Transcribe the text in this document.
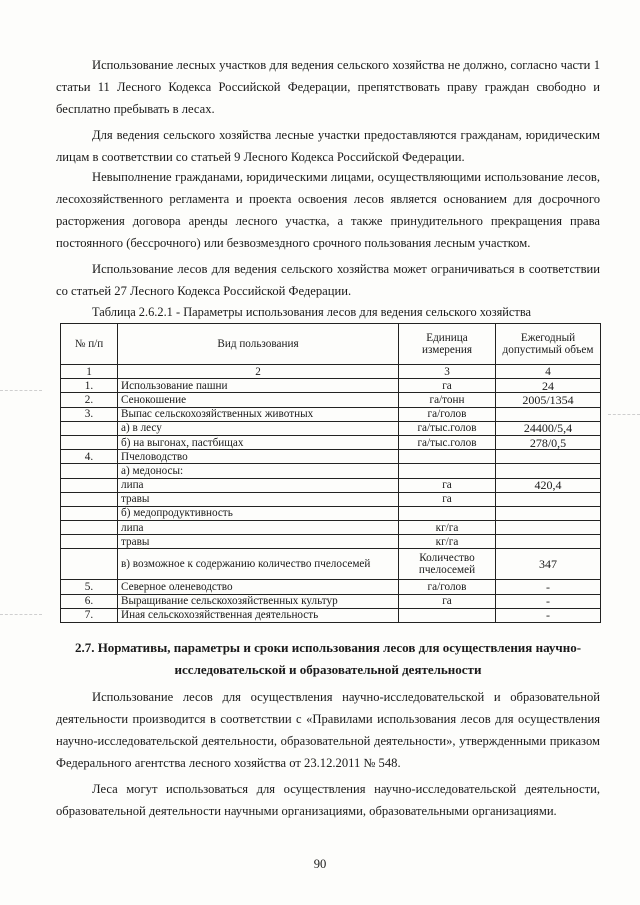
Использование лесных участков для ведения сельского хозяйства не должно, согласно части 1 статьи 11 Лесного Кодекса Российской Федерации, препятствовать праву граждан свободно и бесплатно пребывать в лесах.

Для ведения сельского хозяйства лесные участки предоставляются гражданам, юридическим лицам в соответствии со статьей 9 Лесного Кодекса Российской Федерации.

Невыполнение гражданами, юридическими лицами, осуществляющими использование лесов, лесохозяйственного регламента и проекта освоения лесов является основанием для досрочного расторжения договора аренды лесного участка, а также принудительного прекращения права постоянного (бессрочного) или безвозмездного срочного пользования лесным участком.

Использование лесов для ведения сельского хозяйства может ограничиваться в соответствии со статьей 27 Лесного Кодекса Российской Федерации.

Таблица 2.6.2.1 - Параметры использования лесов для ведения сельского хозяйства
№ п/п	Вид пользования	Единица измерения	Ежегодный допустимый объем
1	2	3	4
1.	Использование пашни	га	24
2.	Сенокошение	га/тонн	2005/1354
3.	Выпас сельскохозяйственных животных	га/голов	
	а) в лесу	га/тыс.голов	24400/5,4
	б) на выгонах, пастбищах	га/тыс.голов	278/0,5
4.	Пчеловодство		
	а) медоносы:		
	липа	га	420,4
	травы	га	
	б) медопродуктивность		
	липа	кг/га	
	травы	кг/га	
	в) возможное к содержанию количество пчелосемей	Количество пчелосемей	347
5.	Северное оленеводство	га/голов	-
6.	Выращивание сельскохозяйственных культур	га	-
7.	Иная сельскохозяйственная деятельность		-

2.7. Нормативы, параметры и сроки использования лесов для осуществления научно-исследовательской и образовательной деятельности

Использование лесов для осуществления научно-исследовательской и образовательной деятельности производится в соответствии с «Правилами использования лесов для осуществления научно-исследовательской деятельности, образовательной деятельности», утвержденными приказом Федерального агентства лесного хозяйства от 23.12.2011 № 548.

Леса могут использоваться для осуществления научно-исследовательской деятельности, образовательной деятельности научными организациями, образовательными организациями.

90
